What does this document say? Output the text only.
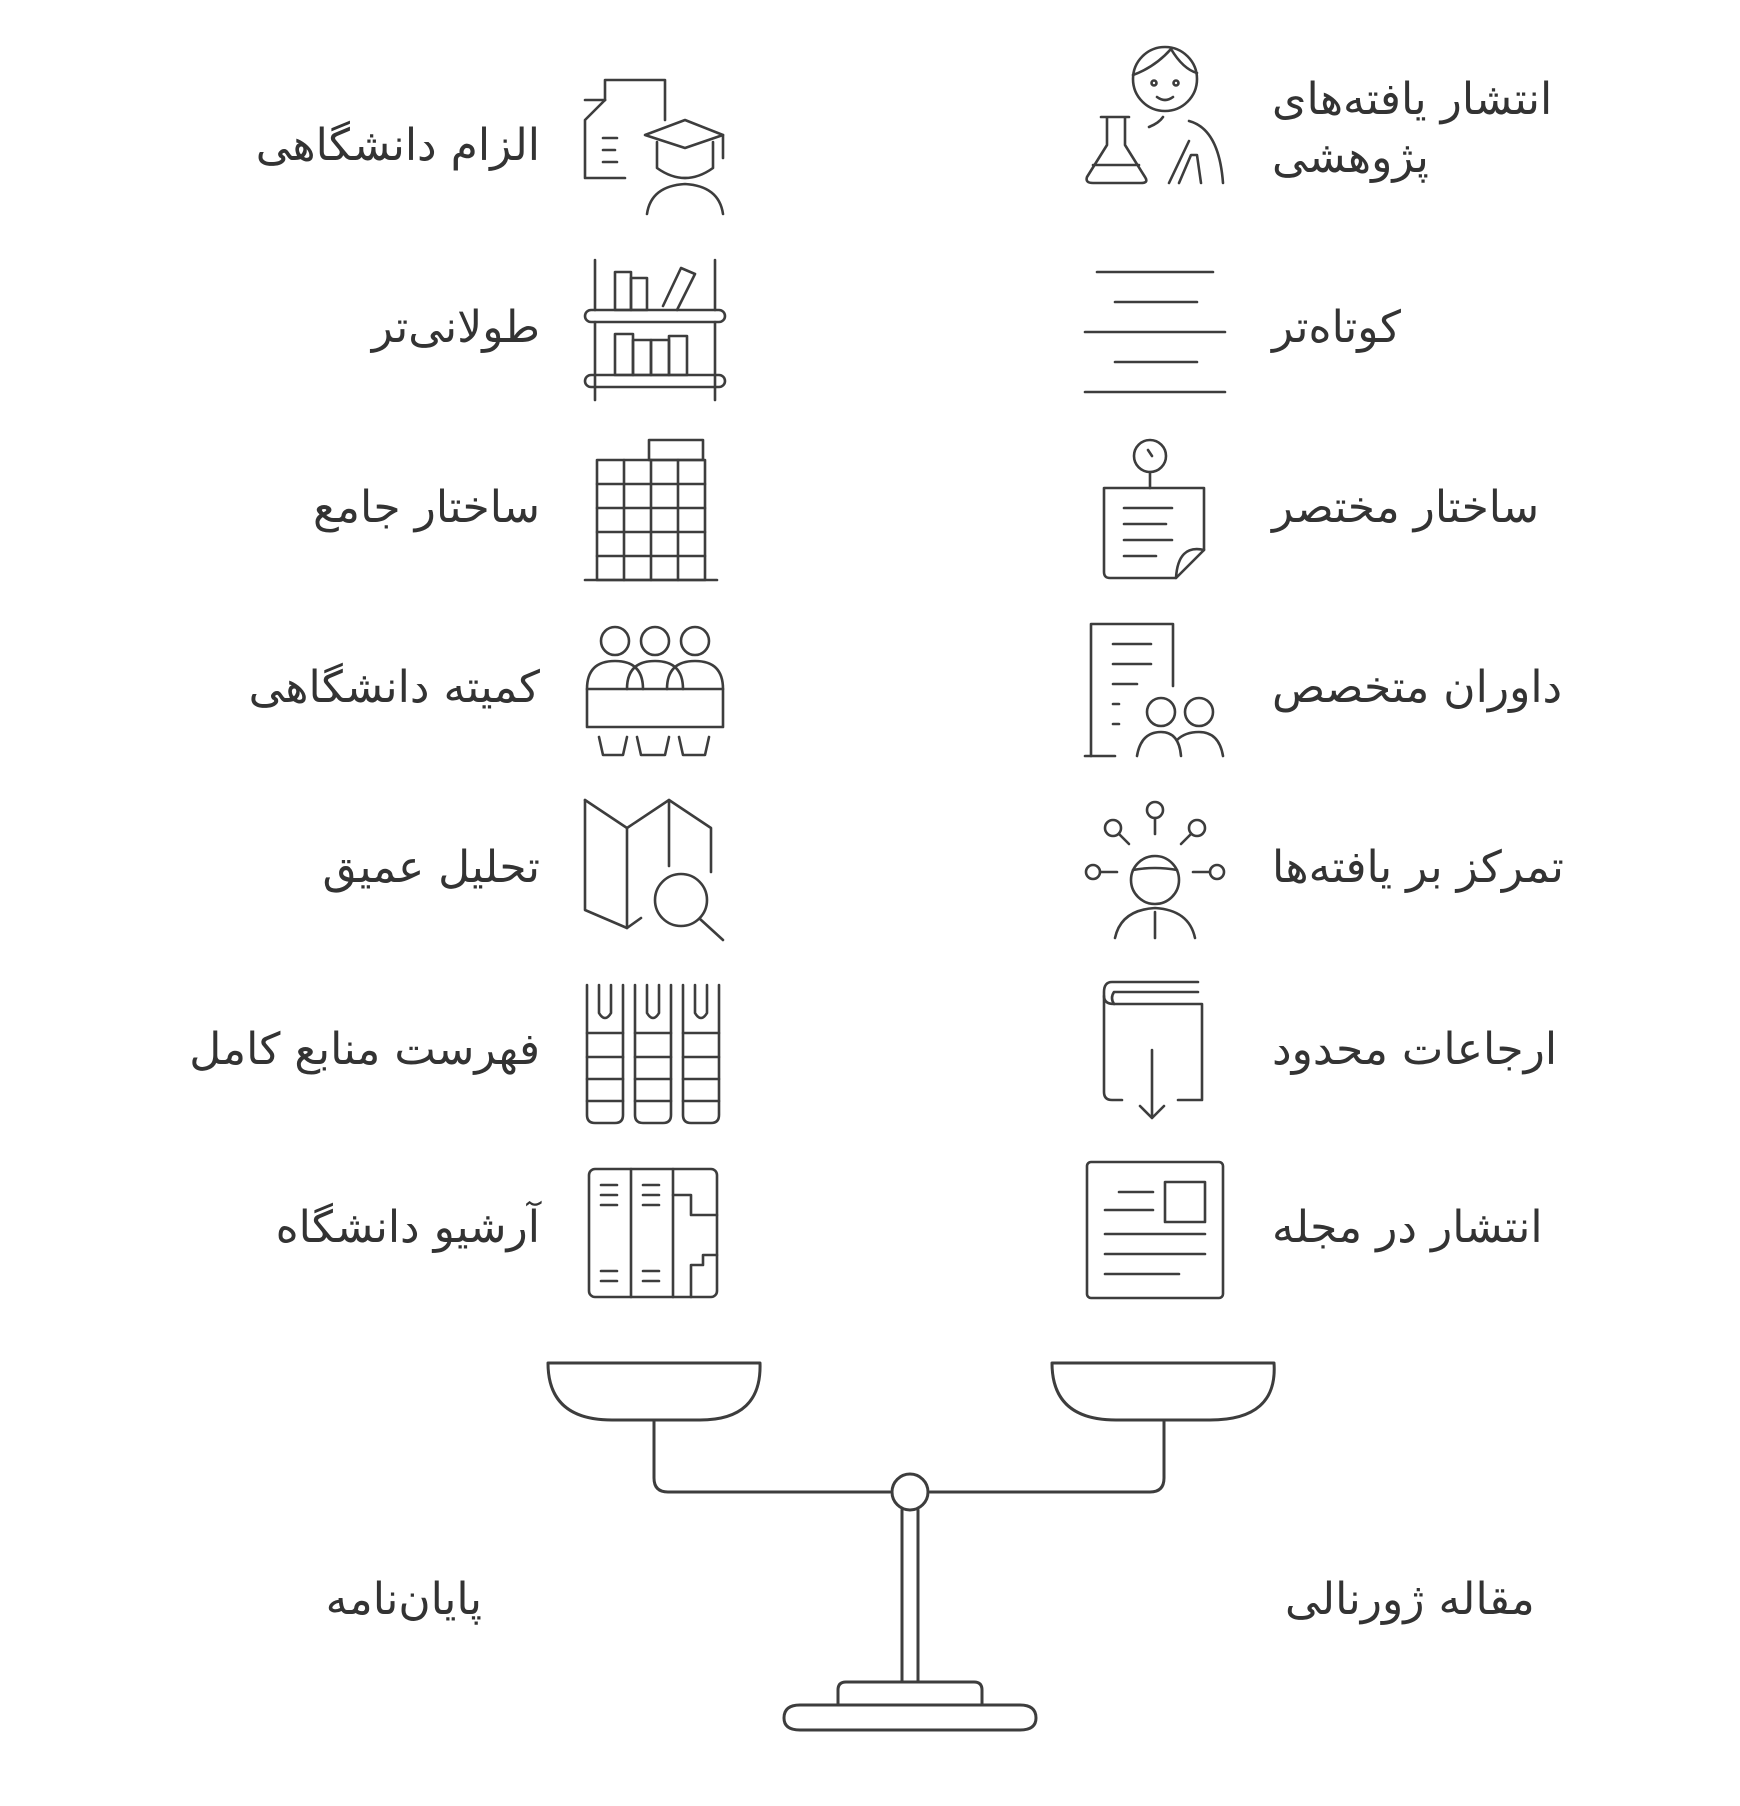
الزام دانشگاهی
طولانی‌تر
ساختار جامع
کمیته دانشگاهی
تحلیل عمیق
فهرست منابع کامل
آرشیو دانشگاه
انتشار یافته‌های
پژوهشی
کوتاه‌تر
ساختار مختصر
داوران متخصص
تمرکز بر یافته‌ها
ارجاعات محدود
انتشار در مجله
پایان‌نامه	مقاله ژورنالی
